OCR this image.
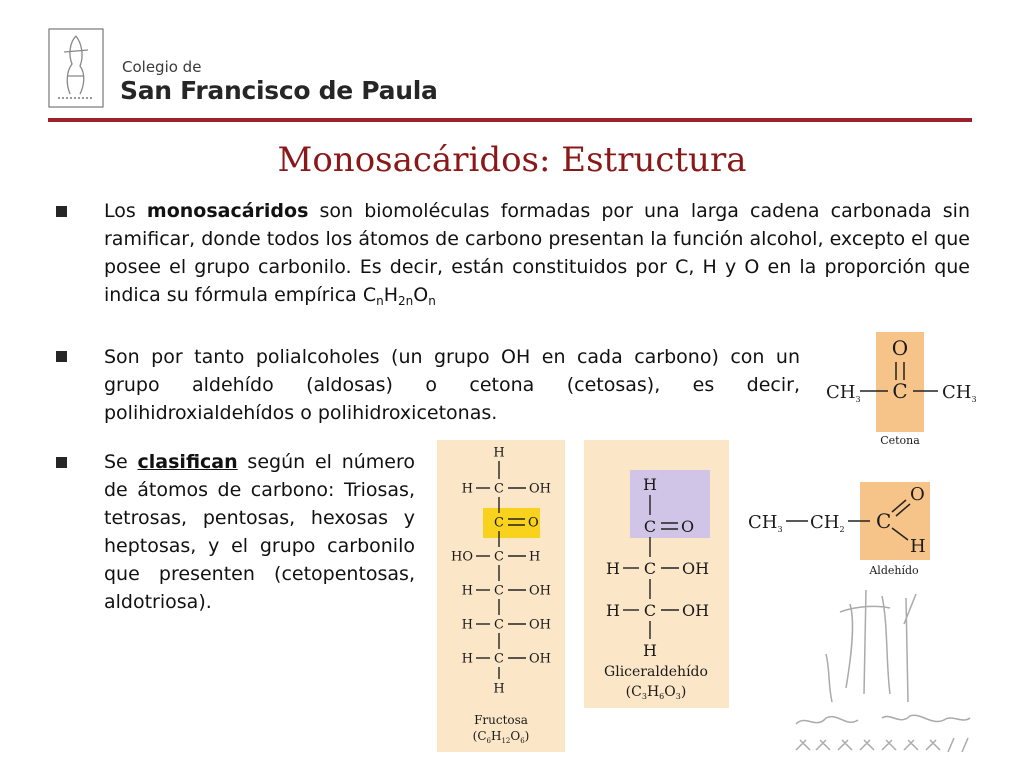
Colegio de
San Francisco de Paula
Monosacáridos: Estructura
Los monosacáridos son biomoléculas formadas por una larga cadena carbonada sin ramificar, donde todos los átomos de carbono presentan la función alcohol, excepto el que posee el grupo carbonilo. Es decir, están constituidos por C, H y O en la proporción que indica su fórmula empírica $C_nH_{2n}O_n$
Son por tanto polialcoholes (un grupo OH en cada carbono) con un grupo aldehído (aldosas) o cetona (cetosas), es decir, polihidroxialdehídos o polihidroxicetonas.
Se clasifican según el número de átomos de carbono: Triosas, tetrosas, pentosas, hexosas y heptosas, y el grupo carbonilo que presenten (cetopentosas, aldotriosa).
O
C
$CH_3$	$CH_3$
Cetona
$CH_3$ $CH_2$ C
O
H
Aldehído
H
C
H	OH
C O
C
HO	H
C
H	OH
C
H	OH
C
H	OH
H
Fructosa
$(C_6H_{12}O_6)$
H
C O
C
H	OH
C
H	OH
H
Gliceraldehído
$(C_3H_6O_3)$
